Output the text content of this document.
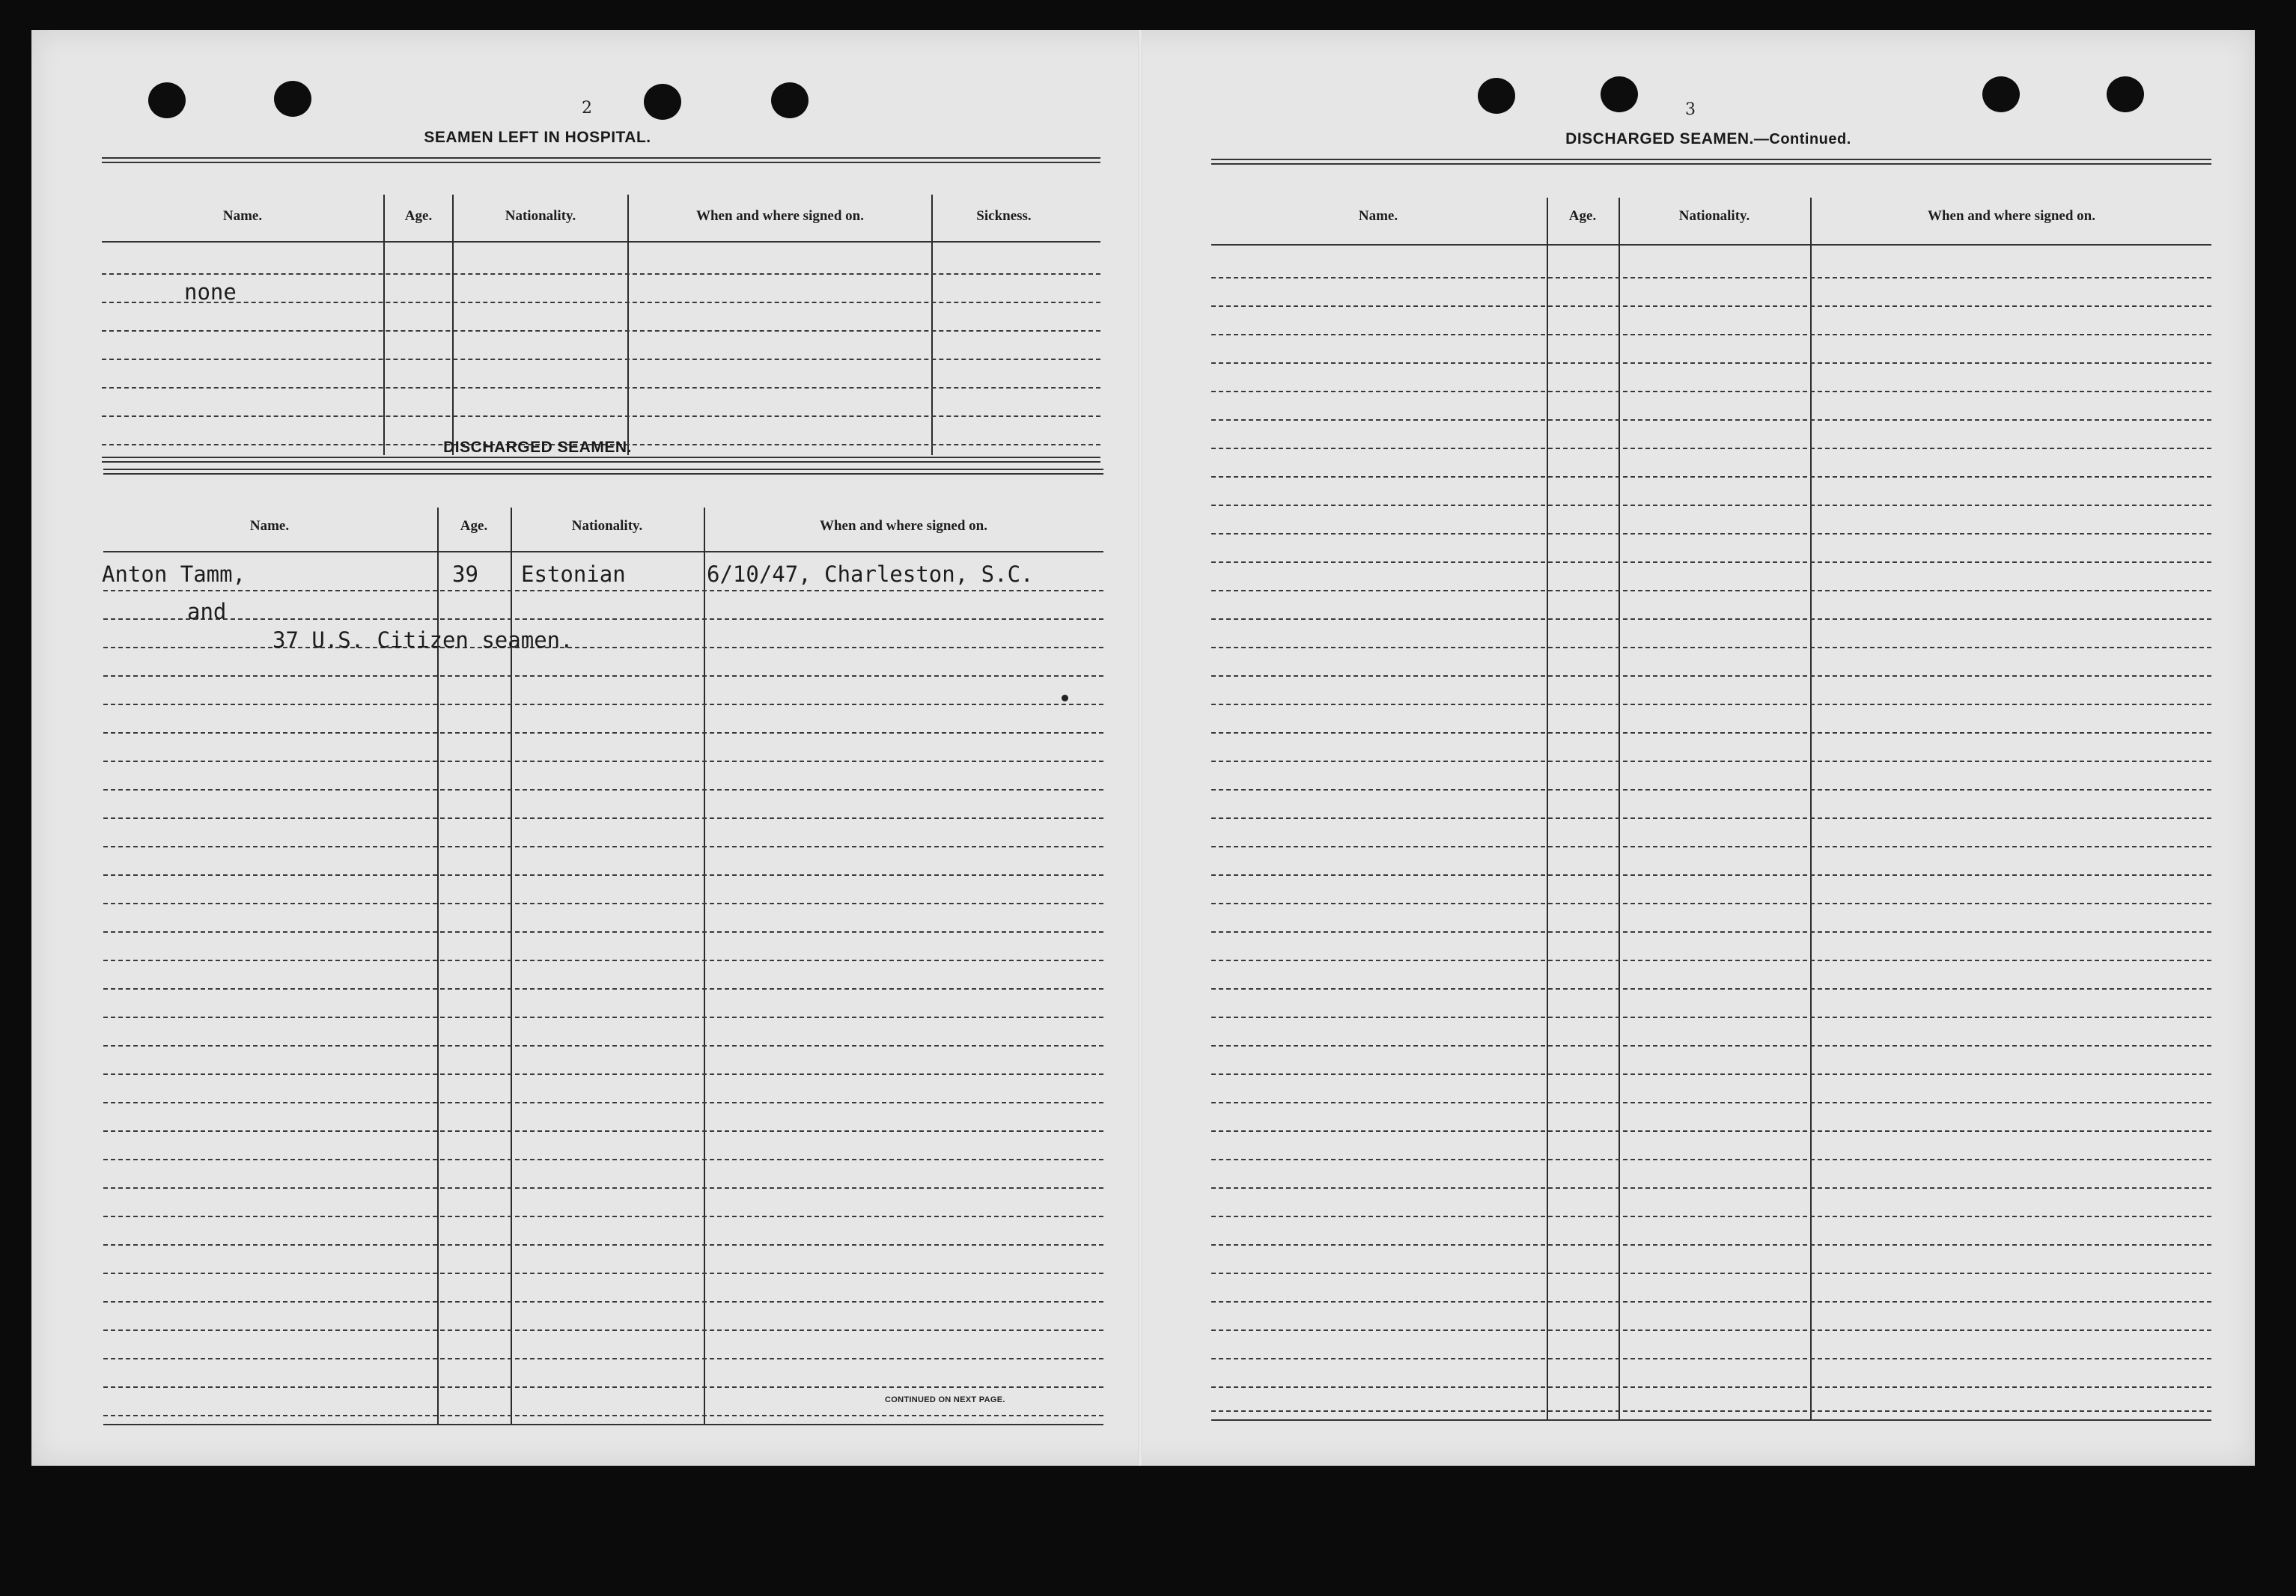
2
SEAMEN LEFT IN HOSPITAL.
Name.	Age.	Nationality.	When and where signed on.	Sickness.
none
DISCHARGED SEAMEN.
Name.	Age.	Nationality.	When and where signed on.
Anton Tamm,	39 Estonian	6/10/47, Charleston, S.C.
and
37 U.S. Citizen seamen.
CONTINUED ON NEXT PAGE.
3
DISCHARGED SEAMEN.—Continued.
Name.	Age.	Nationality.	When and where signed on.
